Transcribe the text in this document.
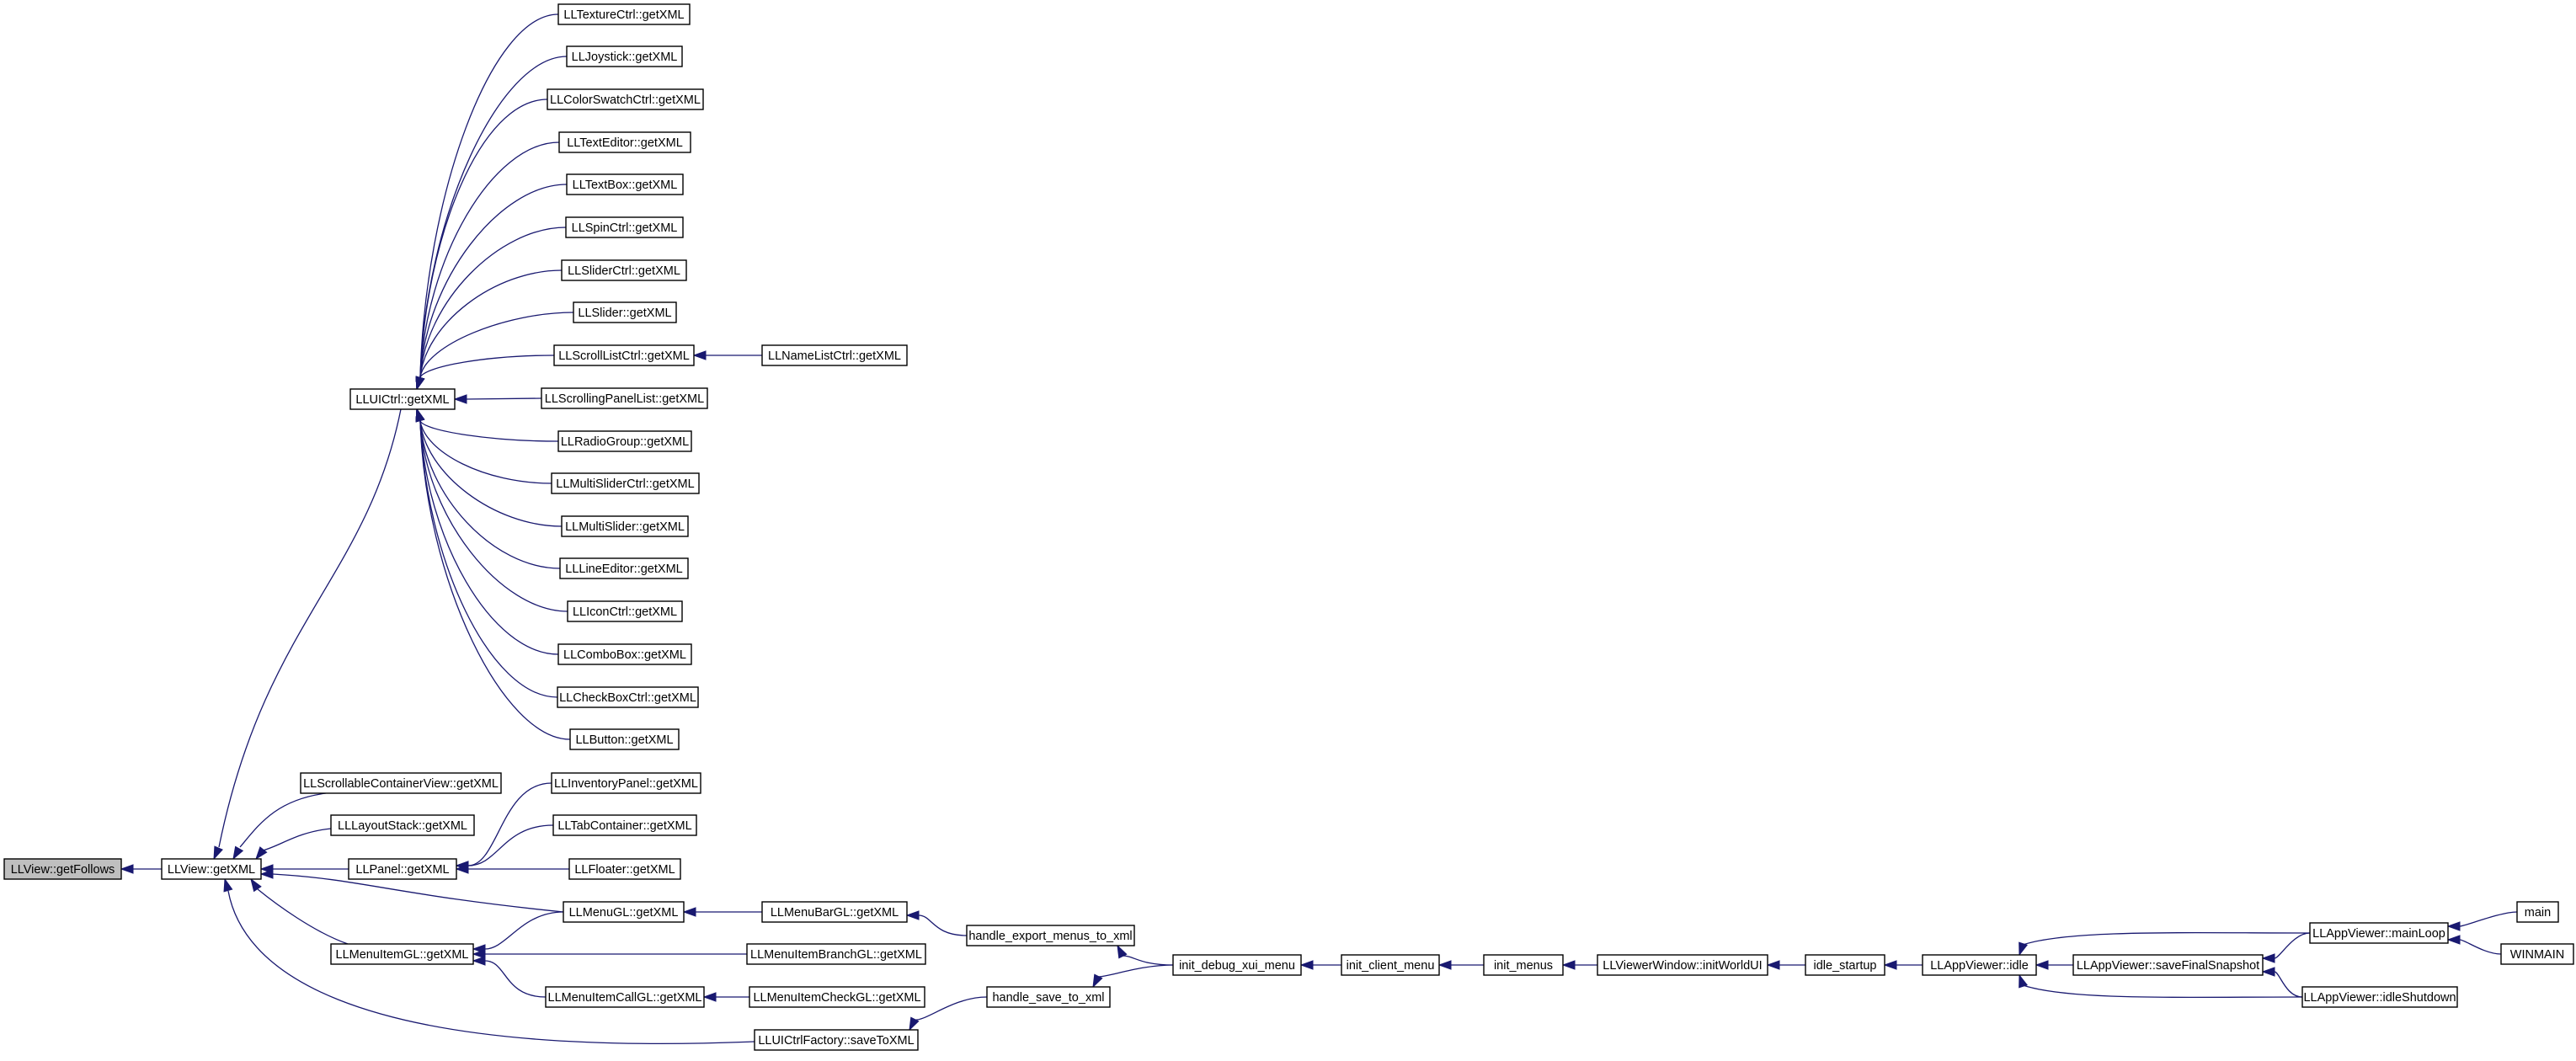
LLView::getFollows	LLView::getXML
LLUICtrl::getXML
LLTextureCtrl::getXML
LLJoystick::getXML
LLColorSwatchCtrl::getXML
LLTextEditor::getXML
LLTextBox::getXML
LLSpinCtrl::getXML
LLSliderCtrl::getXML
LLSlider::getXML
LLScrollListCtrl::getXML	LLNameListCtrl::getXML
LLScrollingPanelList::getXML
LLRadioGroup::getXML
LLMultiSliderCtrl::getXML
LLMultiSlider::getXML
LLLineEditor::getXML
LLIconCtrl::getXML
LLComboBox::getXML
LLCheckBoxCtrl::getXML
LLButton::getXML
LLScrollableContainerView::getXML
LLLayoutStack::getXML
LLPanel::getXML
LLInventoryPanel::getXML
LLTabContainer::getXML
LLFloater::getXML
LLMenuGL::getXML	LLMenuBarGL::getXML
LLMenuItemGL::getXML	LLMenuItemBranchGL::getXML
LLMenuItemCallGL::getXML	LLMenuItemCheckGL::getXML
LLUICtrlFactory::saveToXML
handle_export_menus_to_xml
handle_save_to_xml
init_debug_xui_menu	init_client_menu	init_menus	LLViewerWindow::initWorldUI	idle_startup	LLAppViewer::idle	LLAppViewer::saveFinalSnapshot
LLAppViewer::mainLoop
LLAppViewer::idleShutdown
main
WINMAIN
